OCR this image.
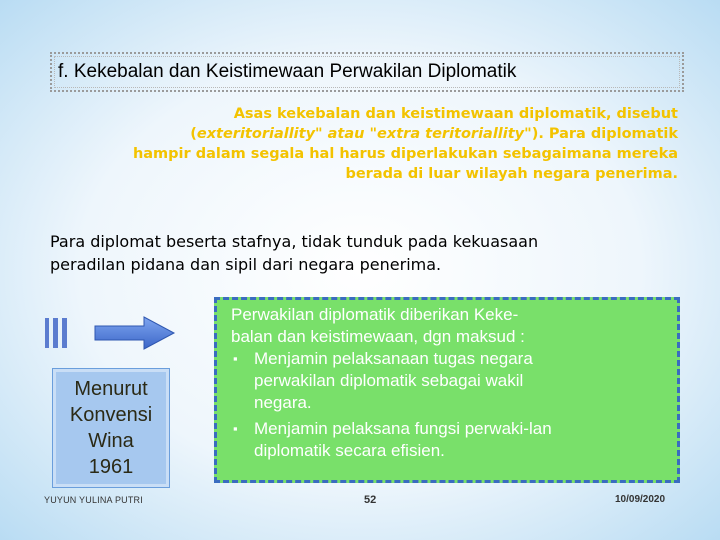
f. Kekebalan dan Keistimewaan Perwakilan Diplomatik
Asas kekebalan dan keistimewaan diplomatik, disebut
(exteritoriallity" atau "extra teritoriallity"). Para diplomatik
hampir dalam segala hal harus diperlakukan sebagaimana mereka
berada di luar wilayah negara penerima.
Para diplomat beserta stafnya, tidak tunduk pada kekuasaan
peradilan pidana dan sipil dari negara penerima.
Menurut
Konvensi
Wina
1961
Perwakilan diplomatik diberikan Keke-
balan dan keistimewaan, dgn maksud :
▪ Menjamin pelaksanaan tugas negara
perwakilan diplomatik sebagai wakil
negara.
▪ Menjamin pelaksana fungsi perwaki-lan
diplomatik secara efisien.
YUYUN YULINA PUTRI	52	10/09/2020
